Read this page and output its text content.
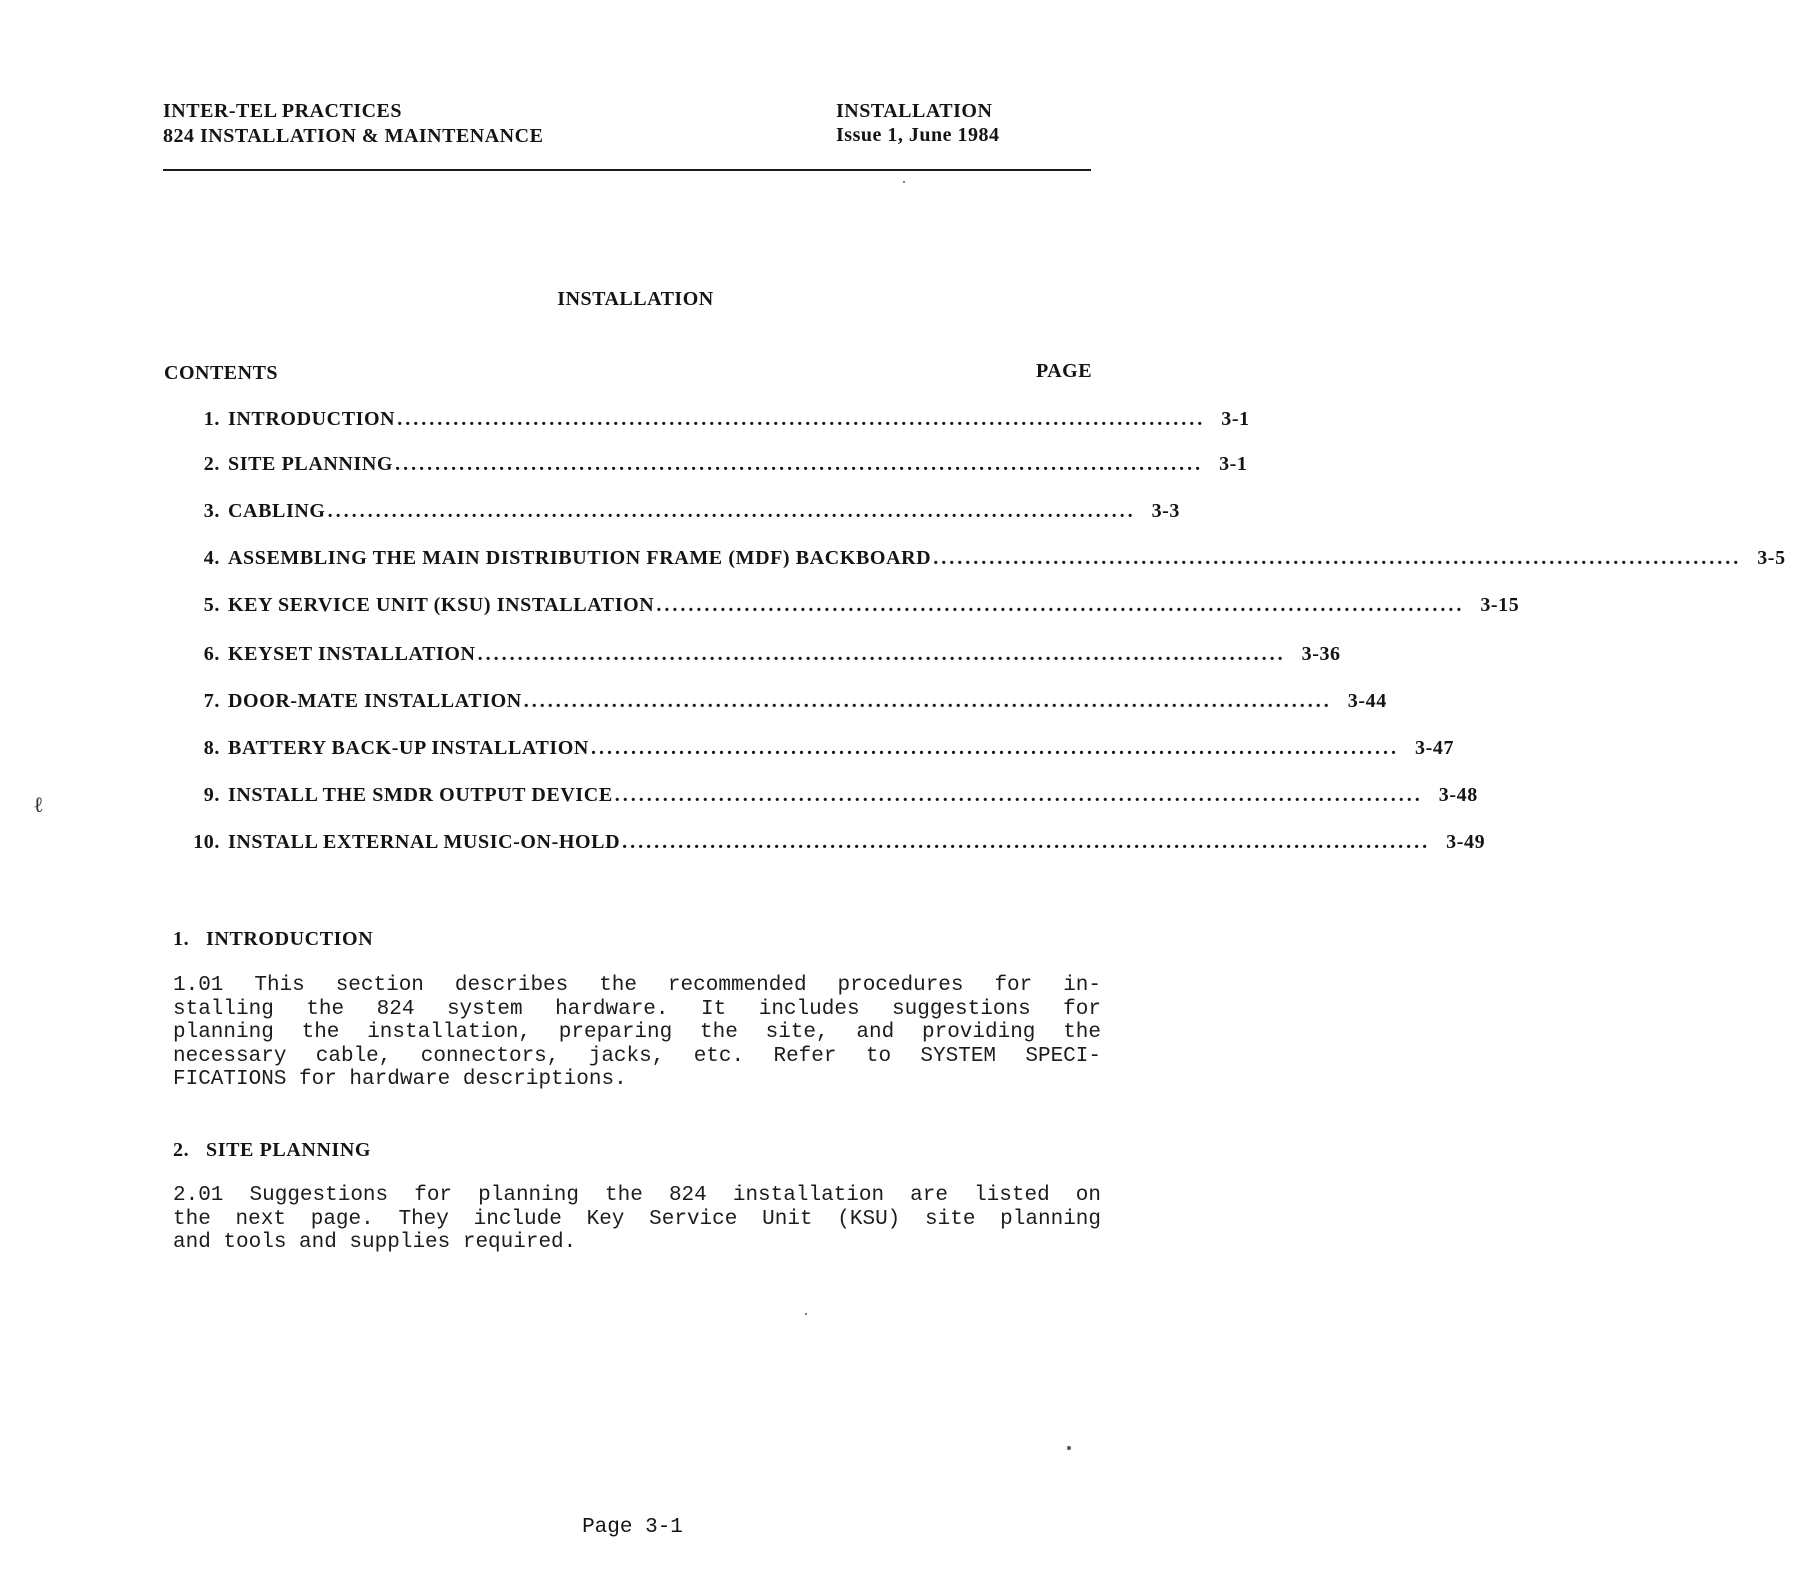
INTER-TEL PRACTICES
824 INSTALLATION & MAINTENANCE
INSTALLATION
Issue 1, June 1984
INSTALLATION
CONTENTS	PAGE
1. INTRODUCTION ..................................................................................................... 3-1
2. SITE PLANNING ..................................................................................................... 3-1
3. CABLING ..................................................................................................... 3-3
4. ASSEMBLING THE MAIN DISTRIBUTION FRAME (MDF) BACKBOARD ..................................................................................................... 3-5
5. KEY SERVICE UNIT (KSU) INSTALLATION ..................................................................................................... 3-15
6. KEYSET INSTALLATION ..................................................................................................... 3-36
7. DOOR-MATE INSTALLATION ..................................................................................................... 3-44
8. BATTERY BACK-UP INSTALLATION ..................................................................................................... 3-47
9. INSTALL THE SMDR OUTPUT DEVICE ..................................................................................................... 3-48
10. INSTALL EXTERNAL MUSIC-ON-HOLD ..................................................................................................... 3-49
1. INTRODUCTION
1.01 This section describes the recommended procedures for in-
stalling the 824 system hardware. It includes suggestions for
planning the installation, preparing the site, and providing the
necessary cable, connectors, jacks, etc. Refer to SYSTEM SPECI-
FICATIONS for hardware descriptions.
2. SITE PLANNING
2.01 Suggestions for planning the 824 installation are listed on
the next page. They include Key Service Unit (KSU) site planning
and tools and supplies required.
Page 3-1
ℓ
